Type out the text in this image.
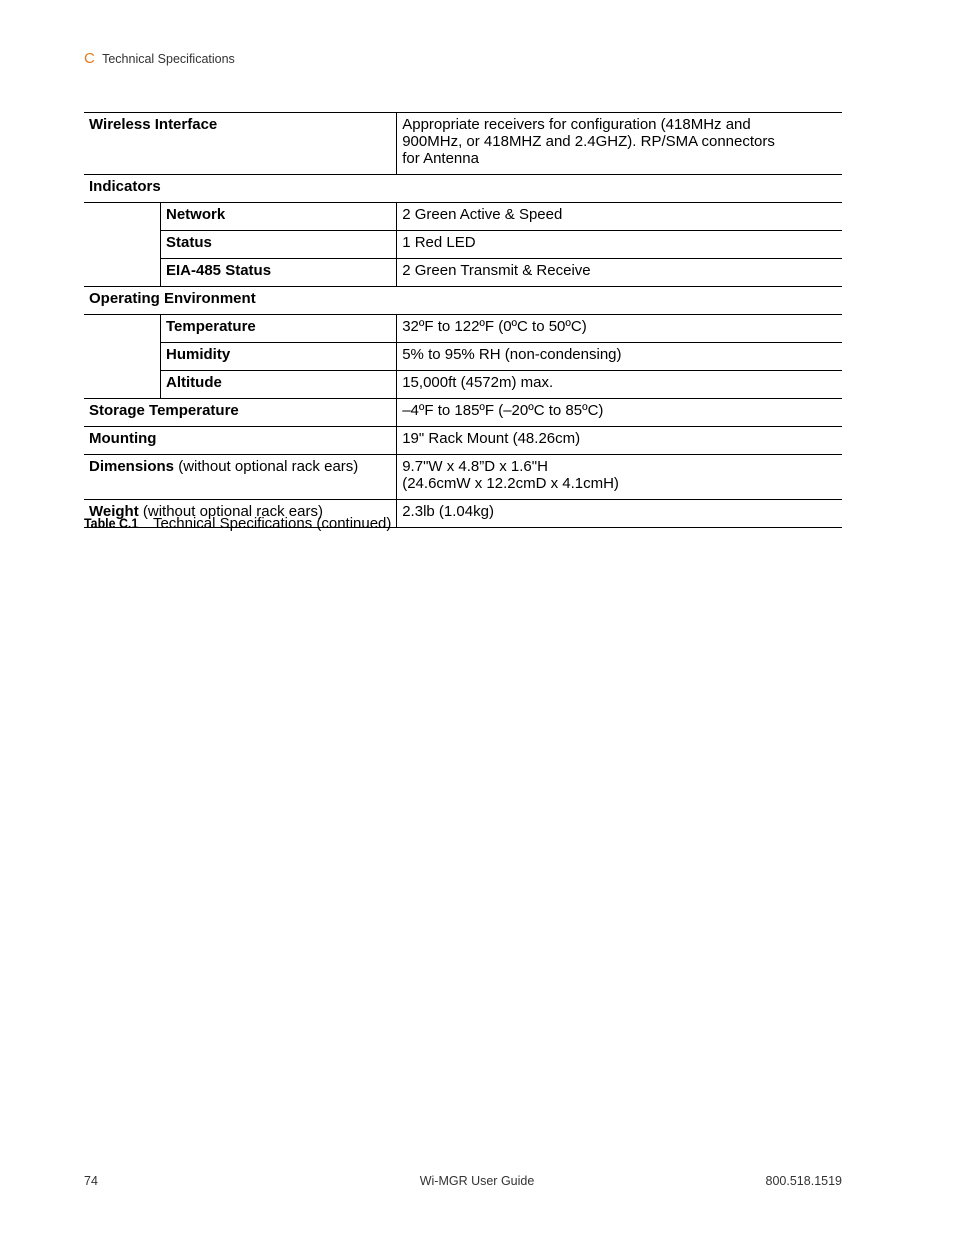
C Technical Specifications
Wireless Interface		Appropriate receivers for configuration (418MHz and
900MHz, or 418MHZ and 2.4GHZ). RP/SMA connectors
for Antenna
Indicators		
	Network	2 Green Active & Speed
	Status	1 Red LED
	EIA-485 Status	2 Green Transmit & Receive
Operating Environment		
	Temperature	32ºF to 122ºF (0ºC to 50ºC)
	Humidity	5% to 95% RH (non-condensing)
	Altitude	15,000ft (4572m) max.
Storage Temperature		–4ºF to 185ºF (–20ºC to 85ºC)
Mounting		19" Rack Mount (48.26cm)
Dimensions (without optional rack ears)		9.7"W x 4.8”D x 1.6"H
(24.6cmW x 12.2cmD x 4.1cmH)
Weight (without optional rack ears)		2.3lb (1.04kg)
Table C.1 Technical Specifications (continued)
74	Wi-MGR User Guide	800.518.1519
